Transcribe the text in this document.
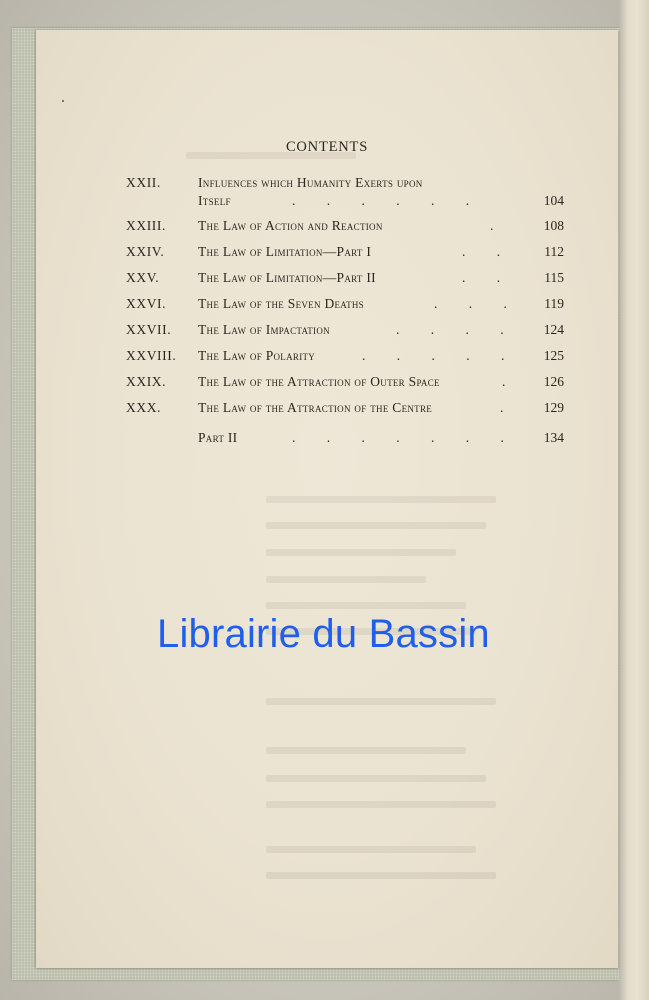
CONTENTS
XXII.	Influences which Humanity Exerts upon
Itself	. . . . . .	104
XXIII. The Law of Action and Reaction	.	108
XXIV. The Law of Limitation—Part I	. . 112
XXV.	The Law of Limitation—Part II	. . 115
XXVI. The Law of the Seven Deaths	. . . 119
XXVII. The Law of Impactation	. . . . 124
XXVIII. The Law of Polarity	. . . . . 125
XXIX. The Law of the Attraction of Outer Space	. 126
XXX.	The Law of the Attraction of the Centre	. 129
Part II	. . . . . . . 134
Librairie du Bassin
